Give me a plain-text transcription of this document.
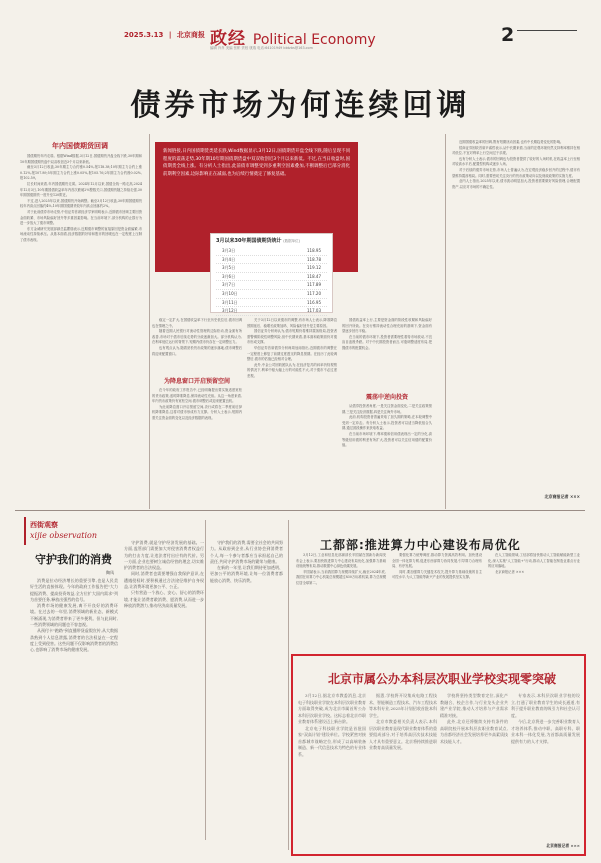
2025.3.13 | 北京商报 政经 Political Economy
编辑 肖肖 美编 张彬 责校 康瑞 电话:64101949 bbtzbs@163.com
2
债券市场为何连续回调
新闻链接,日内国债期货类延长跌,Wind数据显示,3月12日,国债期货开盘全线下跌,随后呈现不同程度的震荡走势,30年期10年期国债期货盘中双双收创近3个月以来新低。不过,在当日收盘时,国债期货全线上涨。有分析人士指出,此前债市调整受到多重利空因素叠加,不断调整后已部分消化前期利空因素,边际影响正在减弱,也为后续行情奠定了修复基础。
3月以来30年期国债期货统计 (数据单位)
3月3日	118.95
3月4日	118.78
3月5日	119.12
3月6日	118.47
3月7日	117.89
3月10日	117.20
3月11日	116.95
3月12日	117.03
年内国债期货回调

国债期货年内走弱。根据Wind数据,3月12日,国债期货开盘全线下跌,30年期和10年期国债期货盘中双双收创近3个月以来新低。

截至3月12日收盘,30年期主力合约涨0.54%,报118.38;10年期主力合约上涨0.12%,报107.89;5年期主力合约上涨0.05%,报105.76;2年期主力合约涨0.02%,报102.59。

拉长时间来看,年内国债期货走弱。2024年12月以来,国债全线一路走高,2024年12月3日,10年期国债收益率年内首次跌破2%整数关口,国债期货随之持续走强,30年期国债期货一度升至120附近。

不过,进入2025年以来,国债期货开始调整。截至3月12日收盘,30年期国债期货较年内高点回落约4%,10年期国债期货较年内高点回落约2%。

对于此前债券市场走势,中信证券首席经济学家明明表示,近期债市回调主要因资金面收紧、市场风险偏好回升等多重因素影响。在当前环境下,部分机构的止损行为进一步放大了债市调整。

东方金诚研究发展部副总监瞿瑞表示,近期债市调整的直接原因是资金面偏紧,市场流动性持续承压。从基本面看,经济数据的好转和股市的回暖也在一定程度上压制了债市表现。

稳定一定扩大,在国债收益率下行至历史低位后,债市回调也在情理之中。

随着近期人民银行对流动性管理的边际松动,资金面有所改善,市场对于债市后续走势的分歧逐渐加大。部分机构认为,在利率低位运行的背景下,短期内债市仍存在一定调整压力。

也有观点认为,随着宽松货币政策的逐步落地,债市调整后将迎来配置窗口。

为降息窗口开启预留空间

在今年的政府工作报告中,已经明确提出要实施适度宽松的货币政策,适时降准降息,保持流动性充裕。从这一角度来看,年内货币政策仍有宽松空间,债市调整后或迎来配置良机。

为此前降息窗口开启预留空间,央行或将在二季度前后择机降准降息,这将对债市形成有力支撑。分析人士表示,短期内需关注资金面的变化以及经济数据的表现。

关于3月12日以来债市的调整,有市场人士表示,降准降息预期延后、稳增长政策加码、风险偏好回升是主要原因。

国信证券分析师认为,债市短期仍将维持震荡格局,投资者需警惕阶段性调整风险,但中长期来看,基本面和政策面仍对债市形成支撑。

华创证券首席债券分析师周冠南指出,近期债市的调整在一定程度上修复了前期过度透支的降息预期。在经历了此轮调整后,债市的估值已经相对合理。

此外,中金公司固收团队认为,在经济复苏的斜率仍待观察的情况下,利率中枢大幅上行的可能性不大,对于债市不必过度悲观。

国债收益率上行,主要是资金面的阶段性收紧和风险偏好的回升所致。在央行维持流动性合理充裕的基调下,资金面有望逐步回归平稳。

在当前的债市环境下,投资者需要理性看待市场波动,不宜盲目追涨杀跌。对于中长期投资者而言,可逢调整适度布局,把握债市的配置机会。

震荡中逆向投资

从债券投资者角度,一是关注资金面变化,二是关注政策预期,三是关注经济数据,四是关注海外市场。

此前,机构投资者普遍采取了加久期的策略,在本轮调整中受到一定冲击。有分析人士表示,投资者可以适当降低组合久期,通过波段操作来获取收益。

在当前市场环境下,利率债和信用债表现出一定的分化,高等级信用债的利差有所扩大,投资者可以关注信用债的配置价值。

近期国债收益率的回调,既有短期扰动因素,也有中长期趋势变化的影响。

招商证券固收首席尹睿哲表示,从中长期来看,当前的宏观环境仍然支持利率维持在相对低位,不宜对利率上行空间过于乐观。

也有分析人士表示,债市的回调也为投资者提供了较好的入场时机,在收益率上行至相对较高水平后,配置型机构或逐步入场。

对于后续的债券市场走势,市场人士普遍认为,在宏观经济稳步回升的过程中,债市有望维持震荡格局。同时,需要密切关注央行的货币政策动向以及财政政策的实施力度。

业内人士指出,2025年以来,债市波动明显加大,投资者需要做好风险管理,合理配置资产,以应对市场的不确定性。

北京商报记者 ×××
西街观察
xijie observation
守护我们的消费
陶凤

消费是拉动经济增长的重要引擎,也是人民美好生活的直接体现。今年的政府工作报告把"大力提振消费、提高投资效益,全方位扩大国内需求"列为首要任务,释放出强烈的信号。

消费市场的健康发展,离不开良好的消费环境。在过去的一年里,消费领域的新业态、新模式不断涌现,为消费者带来了更多便利。但与此同时,一些消费领域的问题也不容忽视。

从预付卡"跑路"到直播带货虚假宣传,从大数据杀熟到个人信息泄露,消费者的合法权益在一定程度上受到侵害。这些问题不仅影响消费者的消费信心,也影响了消费市场的健康发展。

守护消费,就是守护经济发展的基础。一方面,监管部门需要加大对侵害消费者权益行为的打击力度,让违法者付出应有的代价。另一方面,企业也要树立诚信经营的理念,切实维护消费者的合法权益。

同时,消费者也需要增强自我保护意识,在遭遇侵权时,要积极通过合法途径维护自身权益,让消费环境更加公平、公正。

只有营造一个放心、安心、舒心的消费环境,才能让消费者敢消费、愿消费,从而进一步释放消费潜力,推动经济高质量发展。

守护我们的消费,需要全社会的共同努力。从政府到企业,从行业协会到消费者个人,每一个参与者都应当承担起自己的责任,共同守护消费市场的繁荣与健康。

在新的一年里,让我们期待更加透明、更加公平的消费环境,让每一位消费者都能放心消费、快乐消费。

工都部:推进算力中心建设布局优化

3月12日,工业和信息化部副部长辛国斌在国新办新闻发布会上表示,要加快推进算力中心建设布局优化,加强算力基础设施统筹布局,推动数据中心绿色低碳发展。

辛国斌表示,当前我国算力规模持续扩大,截至2024年底,我国在用算力中心机架总规模超过830万标准机架,算力总规模位居全球第二。

要强化算力统筹调度,推动算力资源高效利用。加快建设全国一体化算力网,促进东西部算力协同发展,引导算力合理布局、有序发展。

同时,要加强算力关键技术攻关,提升算力基础设施的自主可控水平,为人工智能等新兴产业的发展提供坚实支撑。

在人工智能领域,工信部将加快推动人工智能赋能新型工业化,深入实施"人工智能+"行动,推动人工智能在制造业重点行业的应用落地。

北京商报记者 ×××

北京市属公办本科层次职业学校实现零突破

3月12日,据北京市教委消息,北京电子科技职业学院在本科层次职业教育方面取得突破,成为北京市属首所公办本科层次职业学校。这标志着北京市职业教育体系建设迈上新台阶。

北京电子科技职业学院是首批国家"双高计划"建设单位。学校紧密对接首都城市战略定位,形成了以高端装备制造、新一代信息技术为特色的专业体系。

据悉,学校将开设集成电路工程技术、智能制造工程技术、汽车工程技术等本科专业,2025年计划招收首批本科学生。

北京市教委相关负责人表示,本科层次职业教育是现代职业教育体系的重要组成部分,对于培养高层次技术技能人才具有重要意义。北京将持续推进职业教育高质量发展。

学校将坚持类型教育定位,深化产教融合、校企合作,与行业龙头企业共建产业学院,推动人才培养与产业需求精准对接。

此外,北京还将继续支持有条件的高职院校开展本科层次职业教育试点,为首都经济社会发展培养更多高素质技术技能人才。

专家表示,本科层次职业学校的设立,打通了职业教育学生的成长通道,有利于提升职业教育的吸引力和社会认可度。

今后,北京将进一步完善职业教育人才培养体系,推动中职、高职专科、职业本科一体化发展,为首都高质量发展提供有力的人才支撑。

北京商报记者 ×××
